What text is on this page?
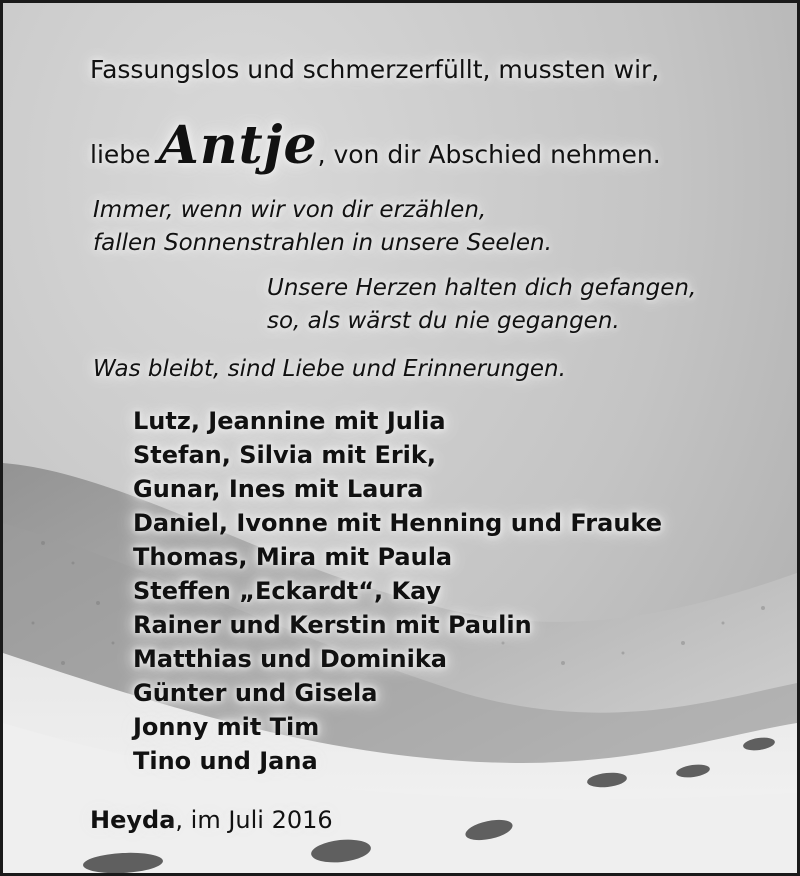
Fassungslos und schmerzerfüllt, mussten wir,
liebe Antje, von dir Abschied nehmen.
Immer, wenn wir von dir erzählen,
fallen Sonnenstrahlen in unsere Seelen.
Unsere Herzen halten dich gefangen,
so, als wärst du nie gegangen.
Was bleibt, sind Liebe und Erinnerungen.
Lutz, Jeannine mit Julia
Stefan, Silvia mit Erik,
Gunar, Ines mit Laura
Daniel, Ivonne mit Henning und Frauke
Thomas, Mira mit Paula
Steffen „Eckardt“, Kay
Rainer und Kerstin mit Paulin
Matthias und Dominika
Günter und Gisela
Jonny mit Tim
Tino und Jana
Heyda, im Juli 2016
